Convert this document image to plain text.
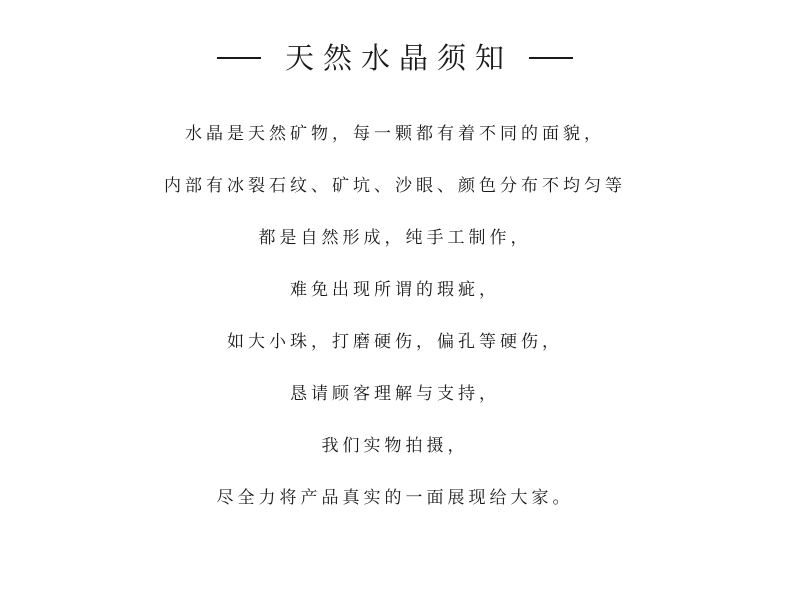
天然水晶须知
水晶是天然矿物，每一颗都有着不同的面貌，
内部有冰裂石纹、矿坑、沙眼、颜色分布不均匀等
都是自然形成，纯手工制作，
难免出现所谓的瑕疵，
如大小珠，打磨硬伤，偏孔等硬伤，
恳请顾客理解与支持，
我们实物拍摄，
尽全力将产品真实的一面展现给大家。
